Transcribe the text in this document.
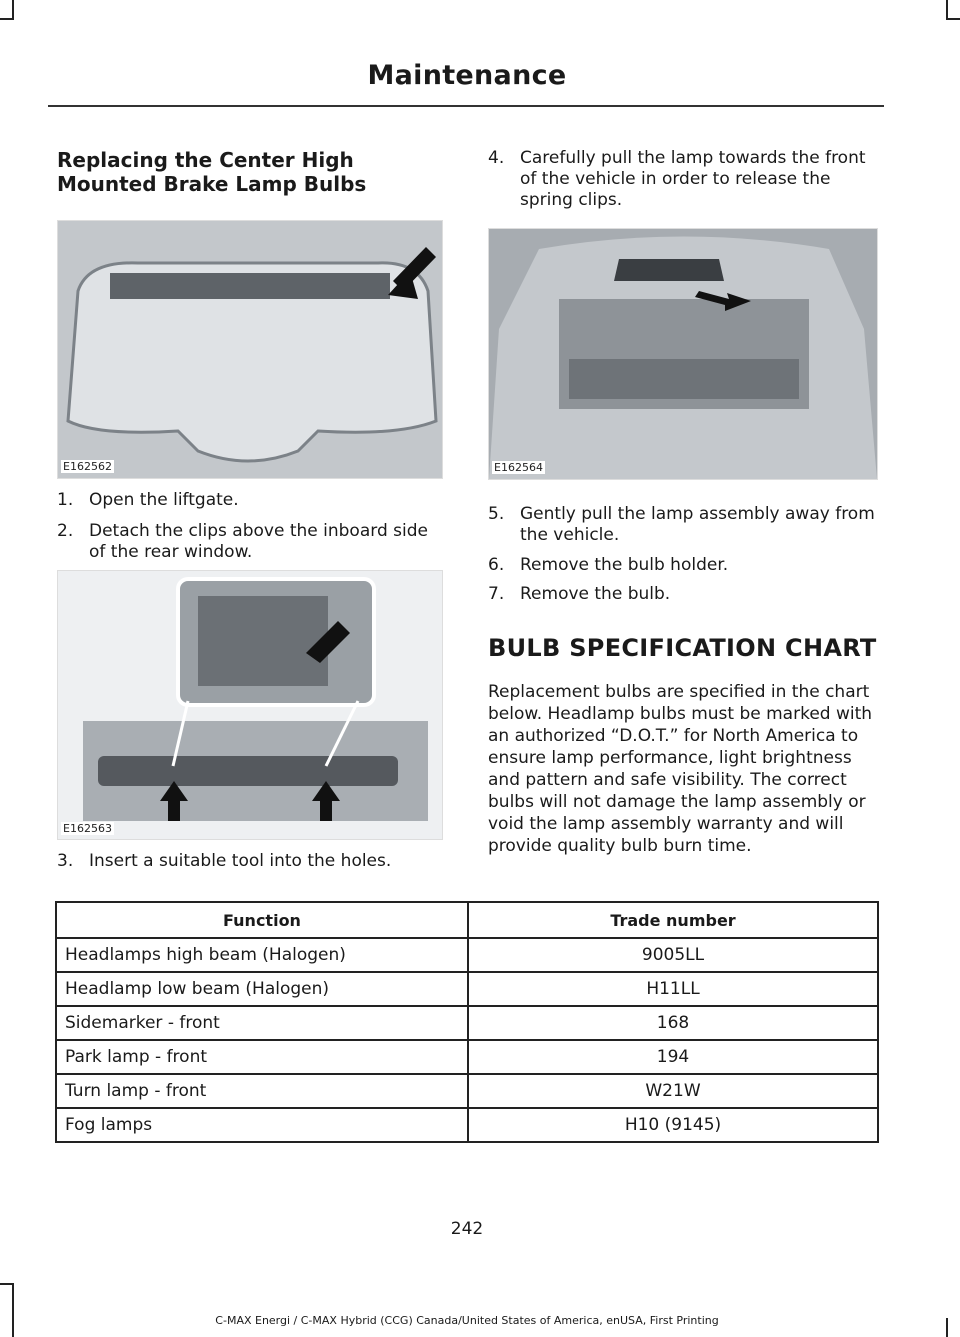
Maintenance
Replacing the Center High Mounted Brake Lamp Bulbs
E162562
1. Open the liftgate.
2. Detach the clips above the inboard side of the rear window.
E162563
3. Insert a suitable tool into the holes.
4. Carefully pull the lamp towards the front of the vehicle in order to release the spring clips.
E162564
5. Gently pull the lamp assembly away from the vehicle.
6. Remove the bulb holder.
7. Remove the bulb.
BULB SPECIFICATION CHART
Replacement bulbs are specified in the chart below. Headlamp bulbs must be marked with an authorized “D.O.T.” for North America to ensure lamp performance, light brightness and pattern and safe visibility. The correct bulbs will not damage the lamp assembly or void the lamp assembly warranty and will provide quality bulb burn time.
Function	Trade number
Headlamps high beam (Halogen)	9005LL
Headlamp low beam (Halogen)	H11LL
Sidemarker - front	168
Park lamp - front	194
Turn lamp - front	W21W
Fog lamps	H10 (9145)
242
C-MAX Energi / C-MAX Hybrid (CCG) Canada/United States of America, enUSA, First Printing
